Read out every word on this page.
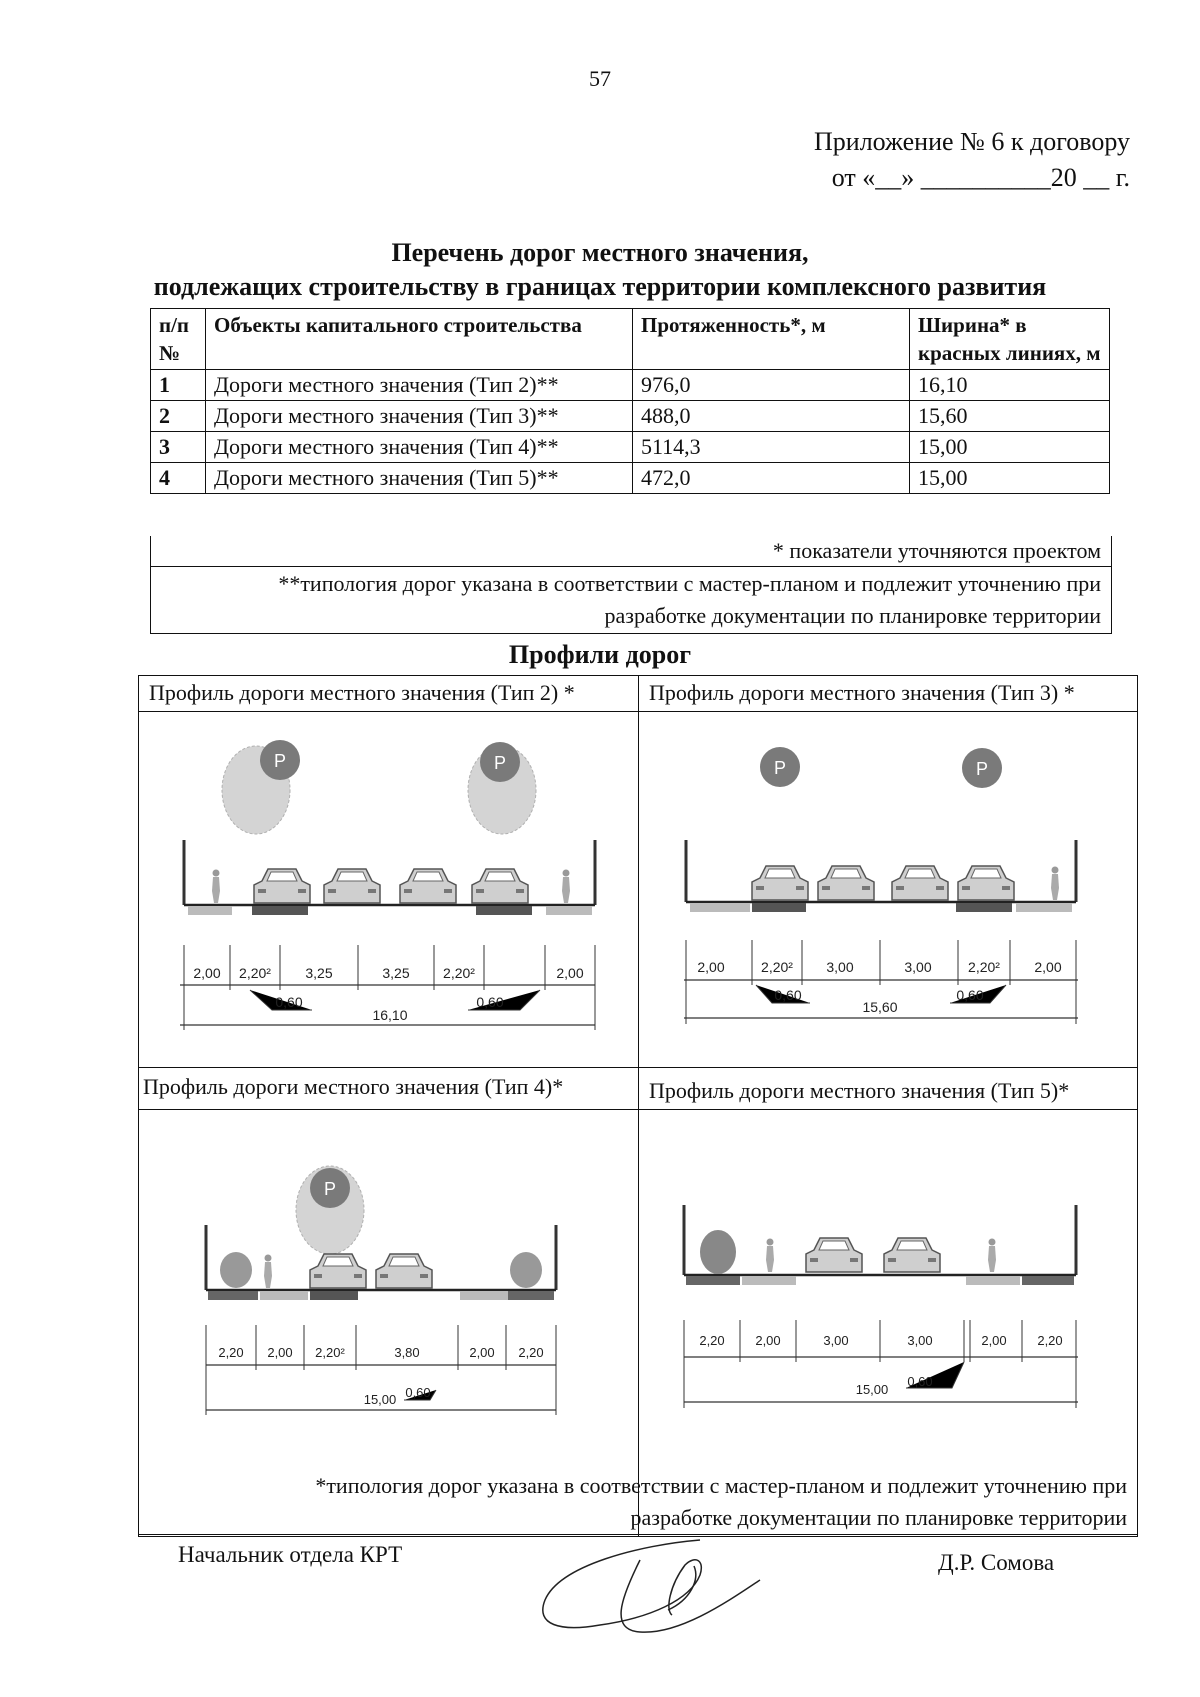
57
Приложение № 6 к договору
от «__» __________20 __ г.
Перечень дорог местного значения,
подлежащих строительству в границах территории комплексного развития
п/п №	Объекты капитального строительства	Протяженность*, м	Ширина* в красных линиях, м
1	Дороги местного значения (Тип 2)**	976,0	16,10
2	Дороги местного значения (Тип 3)**	488,0	15,60
3	Дороги местного значения (Тип 4)**	5114,3	15,00
4	Дороги местного значения (Тип 5)**	472,0	15,00
* показатели уточняются проектом
**типология дорог указана в соответствии с мастер-планом и подлежит уточнению при
разработке документации по планировке территории
Профили дорог
Профиль дороги местного значения (Тип 2) *	Профиль дороги местного значения (Тип 3) *
Профиль дороги местного значения (Тип 4)*	Профиль дороги местного значения (Тип 5)*
P	P
2,00 2,20² 3,25	3,25 2,20²	2,00
0,60
16,10
0,60
P	P
2,00	2,20² 3,00	3,00	2,20² 2,00
0,60
15,60
0,60
P
2,20 2,00 2,20²	3,80	2,00 2,20
15,00 0,60
2,20 2,00	3,00	3,00	2,00 2,20
15,00
0,60
*типология дорог указана в соответствии с мастер-планом и подлежит уточнению при
разработке документации по планировке территории
Начальник отдела КРТ	Д.Р. Сомова
